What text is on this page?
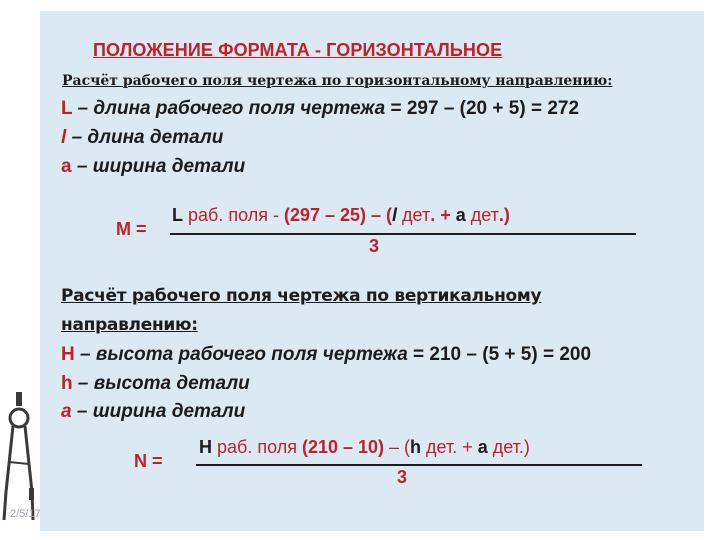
ПОЛОЖЕНИЕ ФОРМАТА - ГОРИЗОНТАЛЬНОЕ
Расчёт рабочего поля чертежа по горизонтальному направлению:
L – длина рабочего поля чертежа = 297 – (20 + 5) = 272
l – длина детали
a – ширина детали
М =
L раб. поля - (297 – 25) – (l дет. + а дет.)
3
Расчёт рабочего поля чертежа по вертикальному
направлению:
H – высота рабочего поля чертежа = 210 – (5 + 5) = 200
h – высота детали
a – ширина детали
N =
H раб. поля (210 – 10) – (h дет. + а дет.)
3
2/5/17
